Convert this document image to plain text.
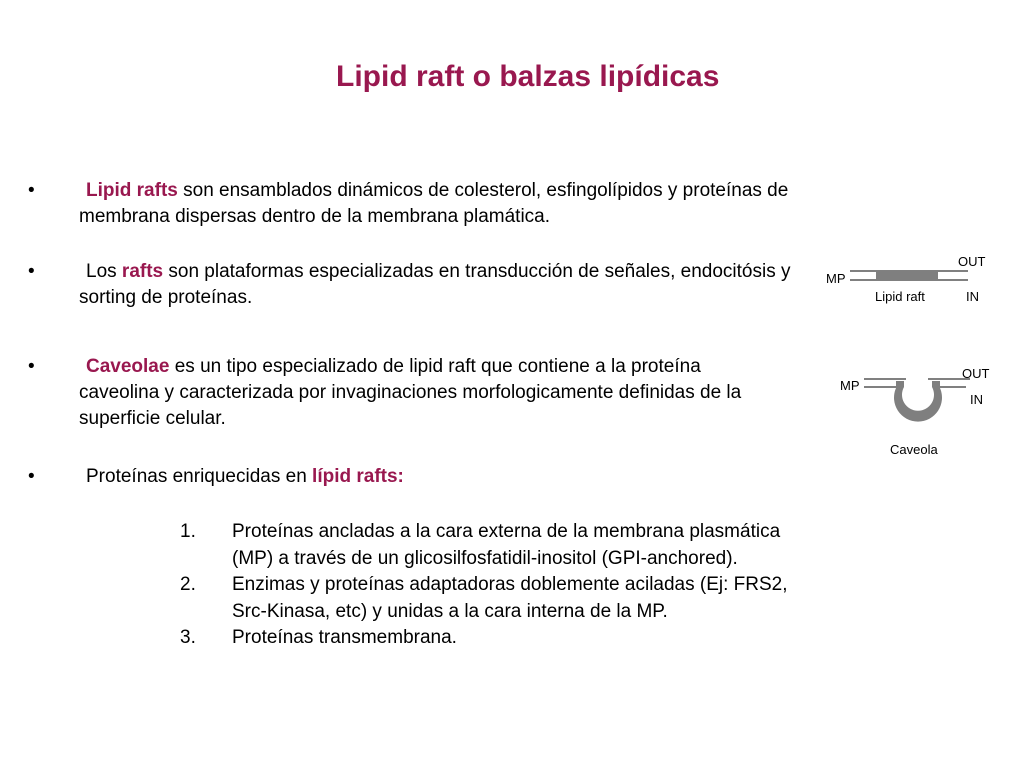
Lipid raft o balzas lipídicas
•	Lipid rafts son ensamblados dinámicos de colesterol, esfingolípidos y proteínas de membrana dispersas dentro de la membrana plamática.
•	Los rafts son plataformas especializadas en transducción de señales, endocitósis y sorting de proteínas.
•	Caveolae es un tipo especializado de lipid raft que contiene a la proteína caveolina y caracterizada por invaginaciones morfologicamente definidas de la superficie celular.
•	Proteínas enriquecidas en lípid rafts:
1. Proteínas ancladas a la cara externa de la membrana plasmática (MP) a través de un glicosilfosfatidil-inositol (GPI-anchored).
2. Enzimas y proteínas adaptadoras doblemente aciladas (Ej: FRS2, Src-Kinasa, etc) y unidas a la cara interna de la MP.
3. Proteínas transmembrana.
OUT
MP
Lipid raft	IN
OUT
MP
IN
Caveola
